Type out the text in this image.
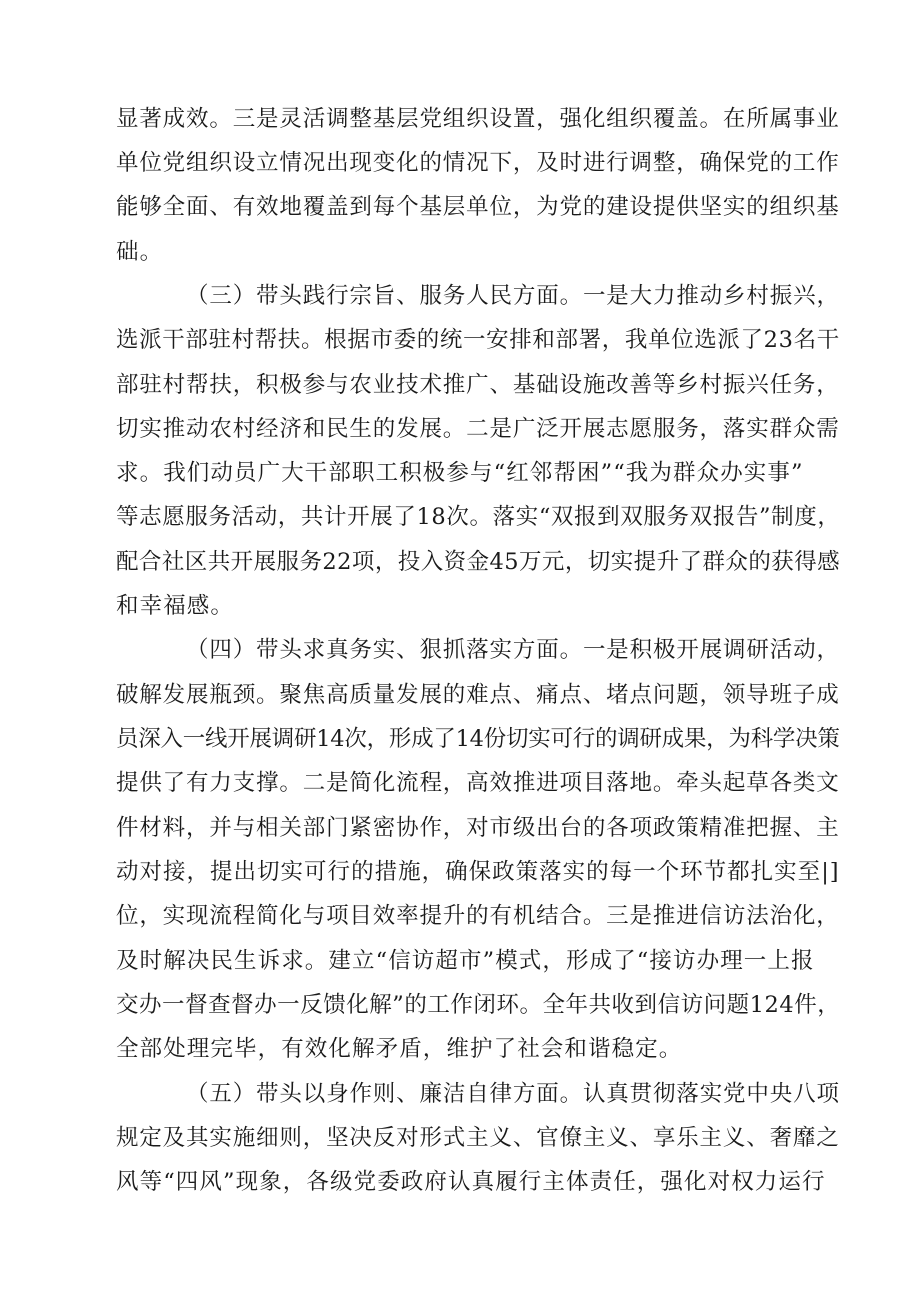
显著成效。三是灵活调整基层党组织设置，强化组织覆盖。在所属事业
单位党组织设立情况出现变化的情况下，及时进行调整，确保党的工作
能够全面、有效地覆盖到每个基层单位，为党的建设提供坚实的组织基
础。
（三）带头践行宗旨、服务人民方面。一是大力推动乡村振兴，
选派干部驻村帮扶。根据市委的统一安排和部署，我单位选派了23名干
部驻村帮扶，积极参与农业技术推广、基础设施改善等乡村振兴任务，
切实推动农村经济和民生的发展。二是广泛开展志愿服务，落实群众需
求。我们动员广大干部职工积极参与“红邻帮困”“我为群众办实事”
等志愿服务活动，共计开展了18次。落实“双报到双服务双报告”制度，
配合社区共开展服务22项，投入资金45万元，切实提升了群众的获得感
和幸福感。
（四）带头求真务实、狠抓落实方面。一是积极开展调研活动，
破解发展瓶颈。聚焦高质量发展的难点、痛点、堵点问题，领导班子成
员深入一线开展调研14次，形成了14份切实可行的调研成果，为科学决策
提供了有力支撑。二是简化流程，高效推进项目落地。牵头起草各类文
件材料，并与相关部门紧密协作，对市级出台的各项政策精准把握、主
动对接，提出切实可行的措施，确保政策落实的每一个环节都扎实至|]
位，实现流程简化与项目效率提升的有机结合。三是推进信访法治化，
及时解决民生诉求。建立“信访超市”模式，形成了“接访办理一上报
交办一督查督办一反馈化解”的工作闭环。全年共收到信访问题124件，
全部处理完毕，有效化解矛盾，维护了社会和谐稳定。
（五）带头以身作则、廉洁自律方面。认真贯彻落实党中央八项
规定及其实施细则，坚决反对形式主义、官僚主义、享乐主义、奢靡之
风等“四风”现象，各级党委政府认真履行主体责任，强化对权力运行
